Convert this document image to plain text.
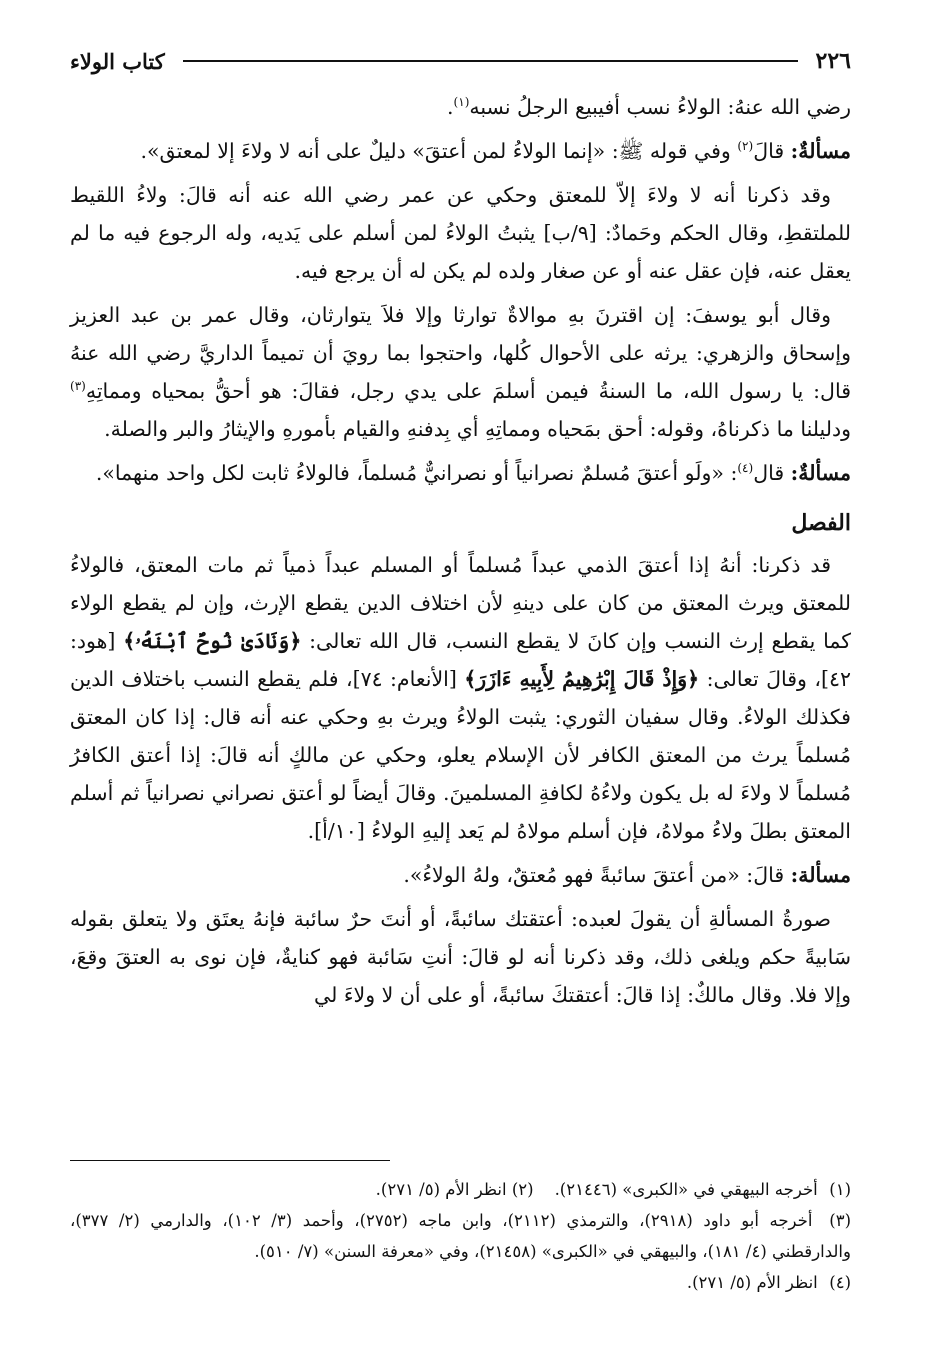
٢٢٦
كتاب الولاء

رضي الله عنهُ: الولاءُ نسب أفيبيع الرجلُ نسبه$^{(١)}$.

مسألةٌ: قالَ$^{(٢)}$ وفي قوله ﷺ: «إنما الولاءُ لمن أعتقَ» دليلٌ على أنه لا ولاءَ إلا لمعتق».

وقد ذكرنا أنه لا ولاءَ إلاّ للمعتق وحكي عن عمر رضي الله عنه أنه قالَ: ولاءُ اللقيط للملتقطِ، وقال الحكم وحَمادٌ: [٩/ب] يثبتُ الولاءُ لمن أسلم على يَديه، وله الرجوع فيه ما لم يعقل عنه، فإن عقل عنه أو عن صغار ولده لم يكن له أن يرجع فيه.

وقال أبو يوسفَ: إن اقترنَ بهِ موالاةٌ توارثا وإلا فلاَ يتوارثان، وقال عمر بن عبد العزيز وإسحاق والزهري: يرثه على الأحوال كُلها، واحتجوا بما رويَ أن تميماً الداريَّ رضي الله عنهُ قال: يا رسول الله، ما السنةُ فيمن أسلمَ على يدي رجل، فقالَ: هو أحقُّ بمحياه ومماتِهِ$^{(٣)}$ ودليلنا ما ذكرناهُ، وقوله: أحق بمَحياه ومماتِهِ أي بِدفنهِ والقيام بأمورهِ والإيثارُ والبر والصلة.

مسألةٌ: قال$^{(٤)}$: «ولَو أعتقَ مُسلمٌ نصرانياً أو نصرانيٌّ مُسلماً، فالولاءُ ثابت لكل واحد منهما».

الفصل

قد ذكرنا: أنهُ إذا أعتقَ الذمي عبداً مُسلماً أو المسلم عبداً ذمياً ثم مات المعتق، فالولاءُ للمعتق ويرث المعتق من كان على دينهِ لأن اختلاف الدين يقطع الإرث، وإن لم يقطع الولاء كما يقطع إرث النسب وإن كانَ لا يقطع النسب، قال الله تعالى: ﴿وَنَادَىٰ نُوحٌ ٱبْنَهُۥ﴾ [هود: ٤٢]، وقالَ تعالى: ﴿وَإِذْ قَالَ إِبْرَٰهِيمُ لِأَبِيهِ ءَازَرَ﴾ [الأنعام: ٧٤]، فلم يقطع النسب باختلاف الدين فكذلك الولاءُ. وقال سفيان الثوري: يثبت الولاءُ ويرث بهِ وحكي عنه أنه قال: إذا كان المعتق مُسلماً يرث من المعتق الكافر لأن الإسلام يعلو، وحكي عن مالكٍ أنه قالَ: إذا أعتق الكافرُ مُسلماً لا ولاءَ له بل يكون ولاءُهُ لكافةِ المسلمينَ. وقالَ أيضاً لو أعتق نصراني نصرانياً ثم أسلم المعتق بطلَ ولاءُ مولاهُ، فإن أسلم مولاهُ لم يَعد إليهِ الولاءُ [١٠/أ].

مسألة: قالَ: «من أعتقَ سائبةً فهو مُعتقٌ، ولهُ الولاءُ».

صورةُ المسألةِ أن يقولَ لعبده: أعتقتك سائبةً، أو أنتَ حرٌ سائبة فإنهُ يعتَق ولا يتعلق بقوله سَابيةً حكم ويلغى ذلك، وقد ذكرنا أنه لو قالَ: أنتِ سَائبة فهو كنايةٌ، فإن نوى به العتقَ وقعَ، وإلا فلا. وقال مالكٌ: إذا قالَ: أعتقتكَ سائبةً، أو على أن لا ولاءَ لي

(١) أخرجه البيهقي في «الكبرى» (٢١٤٤٦).    (٢) انظر الأم (٥/ ٢٧١).

(٣) أخرجه أبو داود (٢٩١٨)، والترمذي (٢١١٢)، وابن ماجه (٢٧٥٢)، وأحمد (٣/ ١٠٢)، والدارمي (٢/ ٣٧٧)، والدارقطني (٤/ ١٨١)، والبيهقي في «الكبرى» (٢١٤٥٨)، وفي «معرفة السنن» (٧/ ٥١٠).

(٤) انظر الأم (٥/ ٢٧١).
